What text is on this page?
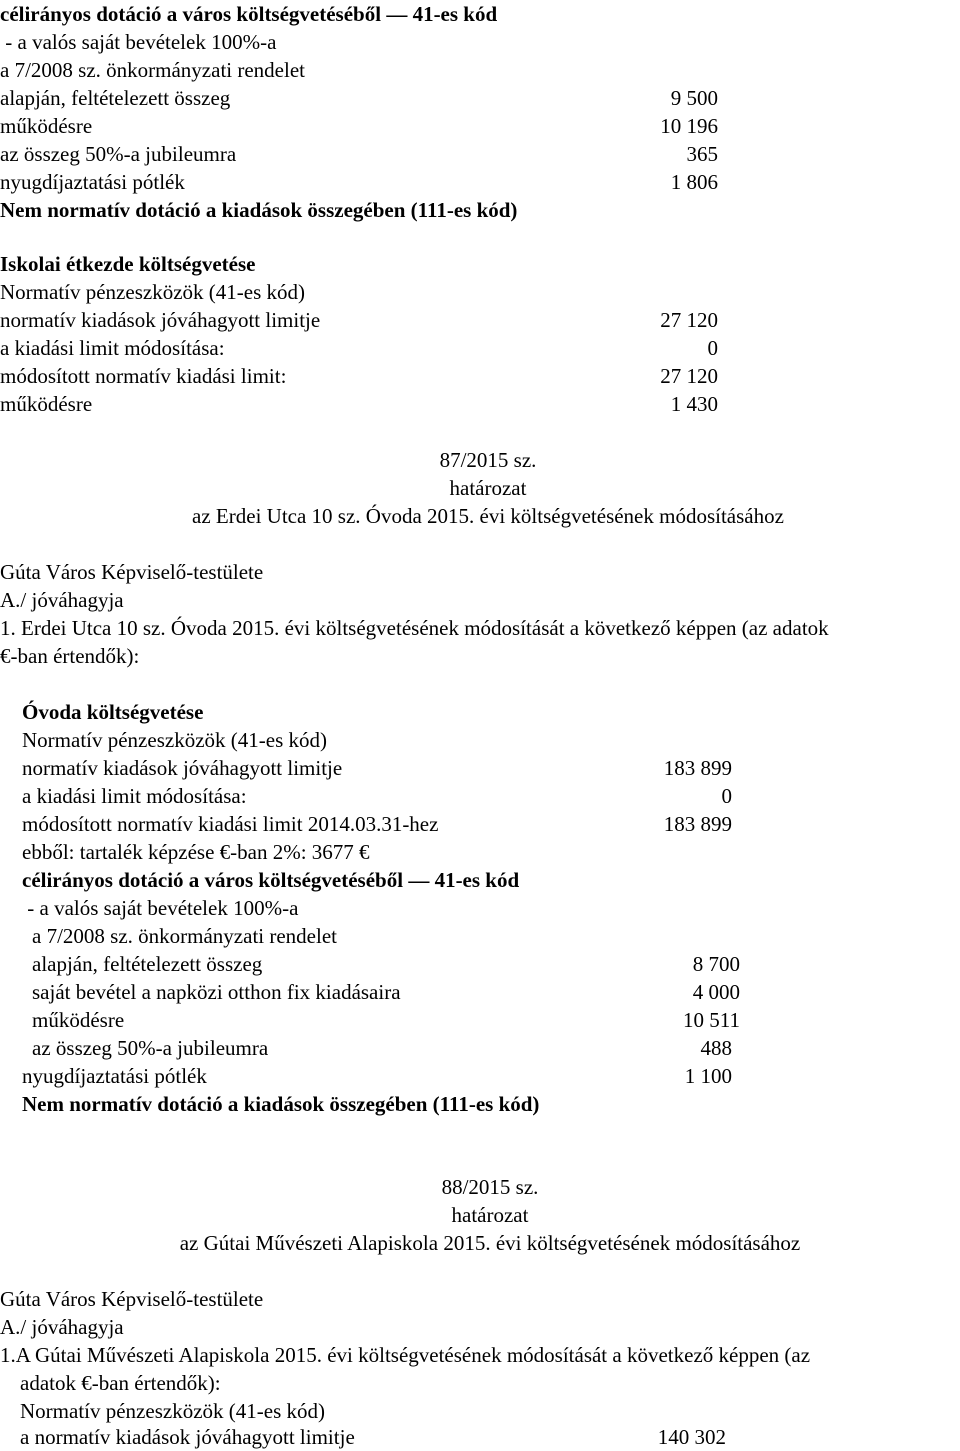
célirányos dotáció a város költségvetéséből — 41-es kód
- a valós saját bevételek 100%-a
a 7/2008 sz. önkormányzati rendelet
alapján, feltételezett összeg	9 500
működésre	10 196
az összeg 50%-a jubileumra	365
nyugdíjaztatási pótlék	1 806
Nem normatív dotáció a kiadások összegében (111-es kód)
Iskolai étkezde költségvetése
Normatív pénzeszközök (41-es kód)
normatív kiadások jóváhagyott limitje	27 120
a kiadási limit módosítása:	0
módosított normatív kiadási limit:	27 120
működésre	1 430
87/2015 sz.
határozat
az Erdei Utca 10 sz. Óvoda 2015. évi költségvetésének módosításához
Gúta Város Képviselő-testülete
A./ jóváhagyja
1. Erdei Utca 10 sz. Óvoda 2015. évi költségvetésének módosítását a következő képpen (az adatok
€-ban értendők):
Óvoda költségvetése
Normatív pénzeszközök (41-es kód)
normatív kiadások jóváhagyott limitje	183 899
a kiadási limit módosítása:	0
módosított normatív kiadási limit 2014.03.31-hez	183 899
ebből: tartalék képzése €-ban 2%: 3677 €
célirányos dotáció a város költségvetéséből — 41-es kód
- a valós saját bevételek 100%-a
a 7/2008 sz. önkormányzati rendelet
alapján, feltételezett összeg	8 700
saját bevétel a napközi otthon fix kiadásaira	4 000
működésre	10 511
az összeg 50%-a jubileumra	488
nyugdíjaztatási pótlék	1 100
Nem normatív dotáció a kiadások összegében (111-es kód)
88/2015 sz.
határozat
az Gútai Művészeti Alapiskola 2015. évi költségvetésének módosításához
Gúta Város Képviselő-testülete
A./ jóváhagyja
1.A Gútai Művészeti Alapiskola 2015. évi költségvetésének módosítását a következő képpen (az
adatok €-ban értendők):
Normatív pénzeszközök (41-es kód)
a normatív kiadások jóváhagyott limitje	140 302
